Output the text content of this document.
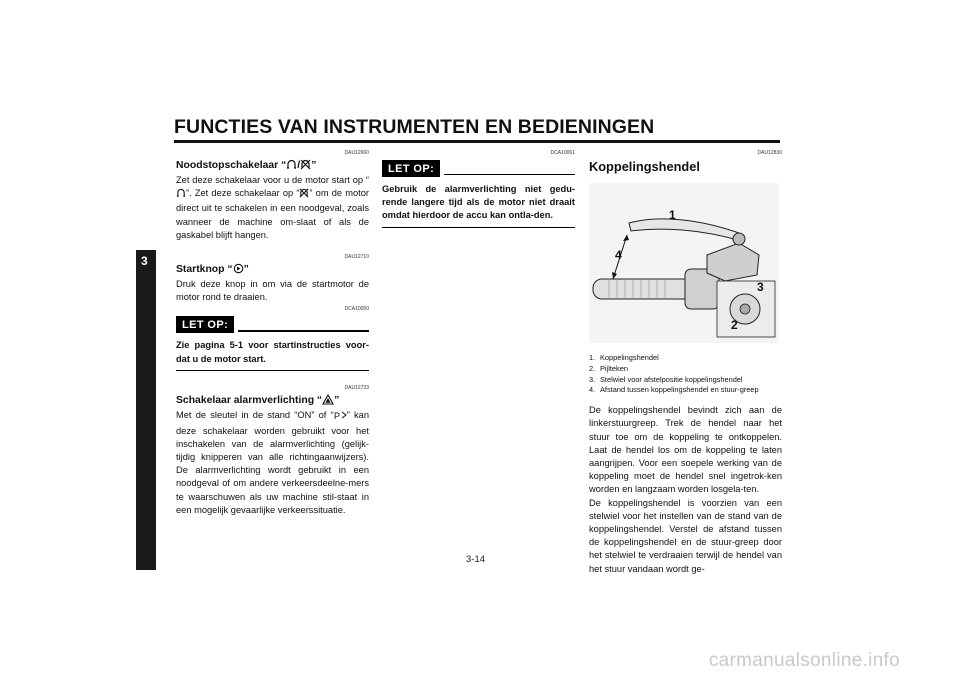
FUNCTIES VAN INSTRUMENTEN EN BEDIENINGEN
3
DAU12660
Noodstopschakelaar “ / ”

Zet deze schakelaar voor u de motor start op “”. Zet deze schakelaar op “ ” om de motor direct uit te schakelen in een noodgeval, zoals wanneer de machine om-slaat of als de gaskabel blijft hangen.

DAU12710
Startknop “ ”

Druk deze knop in om via de startmotor de motor rond te draaien.

DCA10050
LET OP:

Zie pagina 5-1 voor startinstructies voor-dat u de motor start.

DAU12733
Schakelaar alarmverlichting “ ”

Met de sleutel in de stand “ON” of “ P ” kan deze schakelaar worden gebruikt voor het inschakelen van de alarmverlichting (gelijk-tijdig knipperen van alle richtingaanwijzers). De alarmverlichting wordt gebruikt in een noodgeval of om andere verkeersdeelne-mers te waarschuwen als uw machine stil-staat in een mogelijk gevaarlijke verkeerssituatie.

DCA10061
LET OP:

Gebruik de alarmverlichting niet gedu-rende langere tijd als de motor niet draait omdat hierdoor de accu kan ontla-den.

DAU12830
Koppelingshendel
1
2
3
4
1. Koppelingshendel
2. Pijlteken
3. Stelwiel voor afstelpositie koppelingshendel
4. Afstand tussen koppelingshendel en stuur-greep

De koppelingshendel bevindt zich aan de linkerstuurgreep. Trek de hendel naar het stuur toe om de koppeling te ontkoppelen. Laat de hendel los om de koppeling te laten aangrijpen. Voor een soepele werking van de koppeling moet de hendel snel ingetrok-ken worden en langzaam worden losgela-ten.

De koppelingshendel is voorzien van een stelwiel voor het instellen van de stand van de koppelingshendel. Verstel de afstand tussen de koppelingshendel en de stuur-greep door het stelwiel te verdraaien terwijl de hendel van het stuur vandaan wordt ge-

3-14
carmanualsonline.info
